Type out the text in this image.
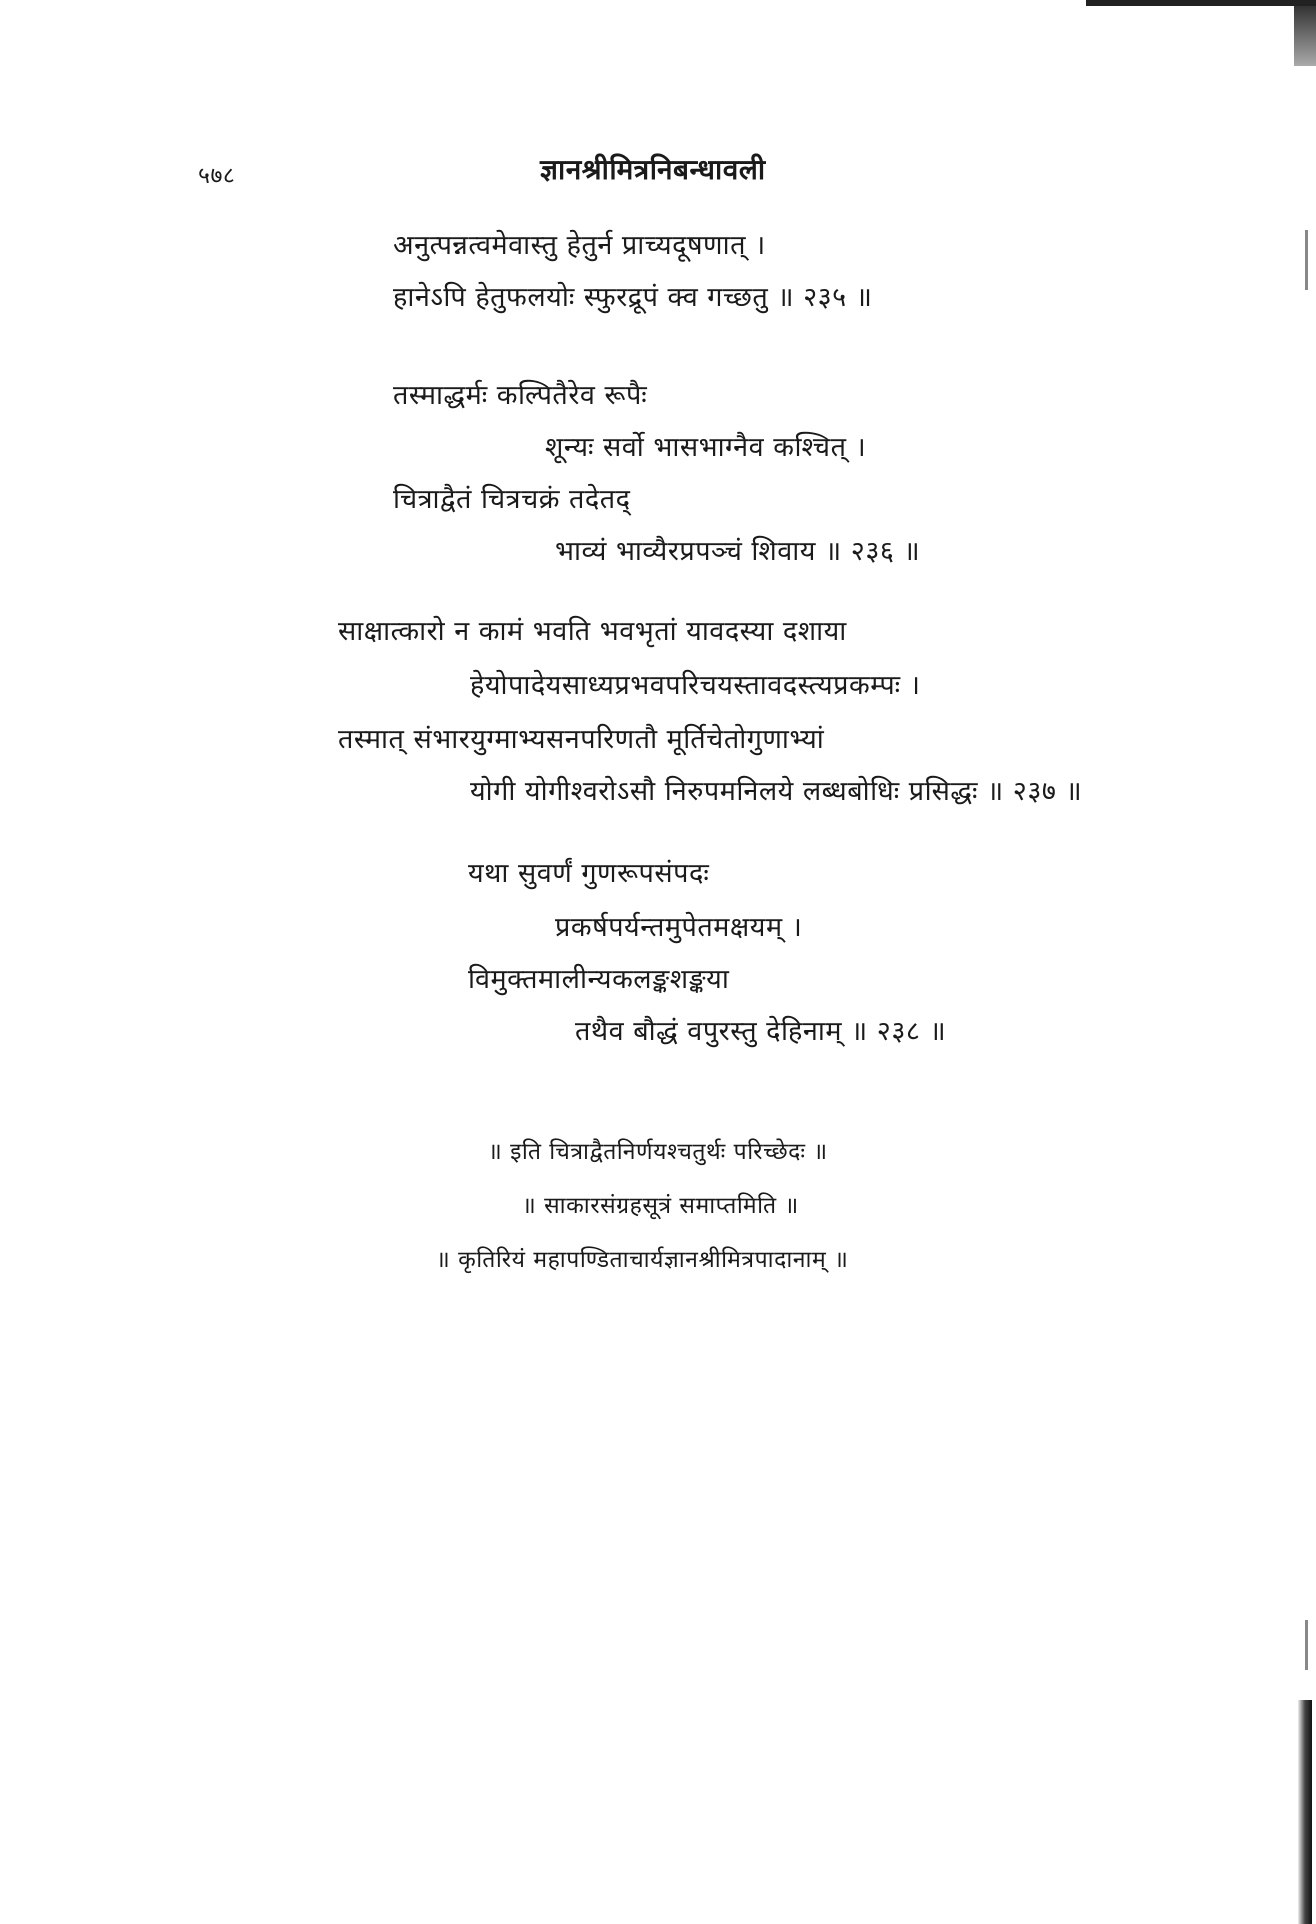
५७८	ज्ञानश्रीमित्रनिबन्धावली
अनुत्पन्नत्वमेवास्तु हेतुर्न प्राच्यदूषणात् ।
हानेऽपि हेतुफलयोः स्फुरद्रूपं क्व गच्छतु ॥ २३५ ॥
तस्माद्धर्मः कल्पितैरेव रूपैः
शून्यः सर्वो भासभाग्नैव कश्चित् ।
चित्राद्वैतं चित्रचक्रं तदेतद्
भाव्यं भाव्यैरप्रपञ्चं शिवाय ॥ २३६ ॥
साक्षात्कारो न कामं भवति भवभृतां यावदस्या दशाया
हेयोपादेयसाध्यप्रभवपरिचयस्तावदस्त्यप्रकम्पः ।
तस्मात् संभारयुग्माभ्यसनपरिणतौ मूर्तिचेतोगुणाभ्यां
योगी योगीश्वरोऽसौ निरुपमनिलये लब्धबोधिः प्रसिद्धः ॥ २३७ ॥
यथा सुवर्णं गुणरूपसंपदः
प्रकर्षपर्यन्तमुपेतमक्षयम् ।
विमुक्तमालीन्यकलङ्कशङ्कया
तथैव बौद्धं वपुरस्तु देहिनाम् ॥ २३८ ॥
॥ इति चित्राद्वैतनिर्णयश्चतुर्थः परिच्छेदः ॥
॥ साकारसंग्रहसूत्रं समाप्तमिति ॥
॥ कृतिरियं महापण्डिताचार्यज्ञानश्रीमित्रपादानाम् ॥
